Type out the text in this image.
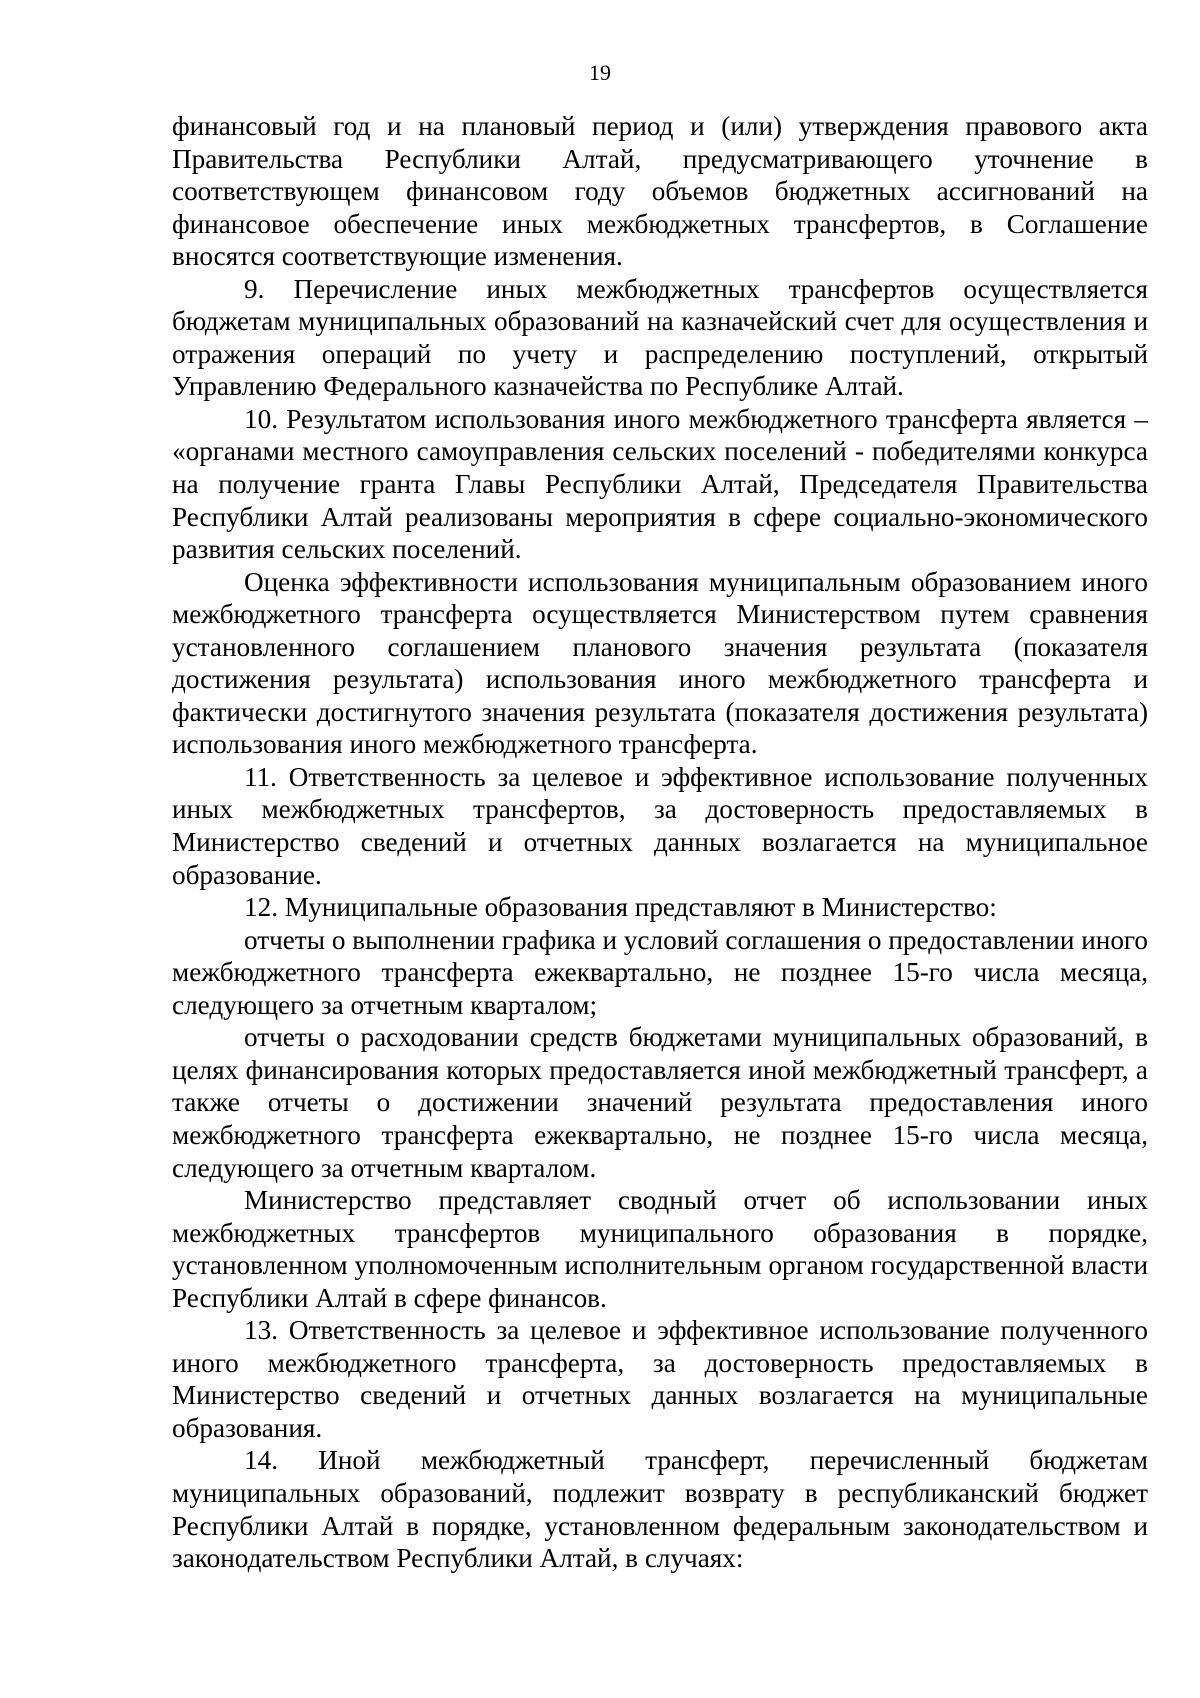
19

финансовый год и на плановый период и (или) утверждения правового акта Правительства Республики Алтай, предусматривающего уточнение в соответствующем финансовом году объемов бюджетных ассигнований на финансовое обеспечение иных межбюджетных трансфертов, в Соглашение вносятся соответствующие изменения.

9. Перечисление иных межбюджетных трансфертов осуществляется бюджетам муниципальных образований на казначейский счет для осуществления и отражения операций по учету и распределению поступлений, открытый Управлению Федерального казначейства по Республике Алтай.

10. Результатом использования иного межбюджетного трансферта является – «органами местного самоуправления сельских поселений - победителями конкурса на получение гранта Главы Республики Алтай, Председателя Правительства Республики Алтай реализованы мероприятия в сфере социально-экономического развития сельских поселений.

Оценка эффективности использования муниципальным образованием иного межбюджетного трансферта осуществляется Министерством путем сравнения установленного соглашением планового значения результата (показателя достижения результата) использования иного межбюджетного трансферта и фактически достигнутого значения результата (показателя достижения результата) использования иного межбюджетного трансферта.

11. Ответственность за целевое и эффективное использование полученных иных межбюджетных трансфертов, за достоверность предоставляемых в Министерство сведений и отчетных данных возлагается на муниципальное образование.

12. Муниципальные образования представляют в Министерство:

отчеты о выполнении графика и условий соглашения о предоставлении иного межбюджетного трансферта ежеквартально, не позднее 15-го числа месяца, следующего за отчетным кварталом;

отчеты о расходовании средств бюджетами муниципальных образований, в целях финансирования которых предоставляется иной межбюджетный трансферт, а также отчеты о достижении значений результата предоставления иного межбюджетного трансферта ежеквартально, не позднее 15-го числа месяца, следующего за отчетным кварталом.

Министерство представляет сводный отчет об использовании иных межбюджетных трансфертов муниципального образования в порядке, установленном уполномоченным исполнительным органом государственной власти Республики Алтай в сфере финансов.

13. Ответственность за целевое и эффективное использование полученного иного межбюджетного трансферта, за достоверность предоставляемых в Министерство сведений и отчетных данных возлагается на муниципальные образования.

14. Иной межбюджетный трансферт, перечисленный бюджетам муниципальных образований, подлежит возврату в республиканский бюджет Республики Алтай в порядке, установленном федеральным законодательством и законодательством Республики Алтай, в случаях:
